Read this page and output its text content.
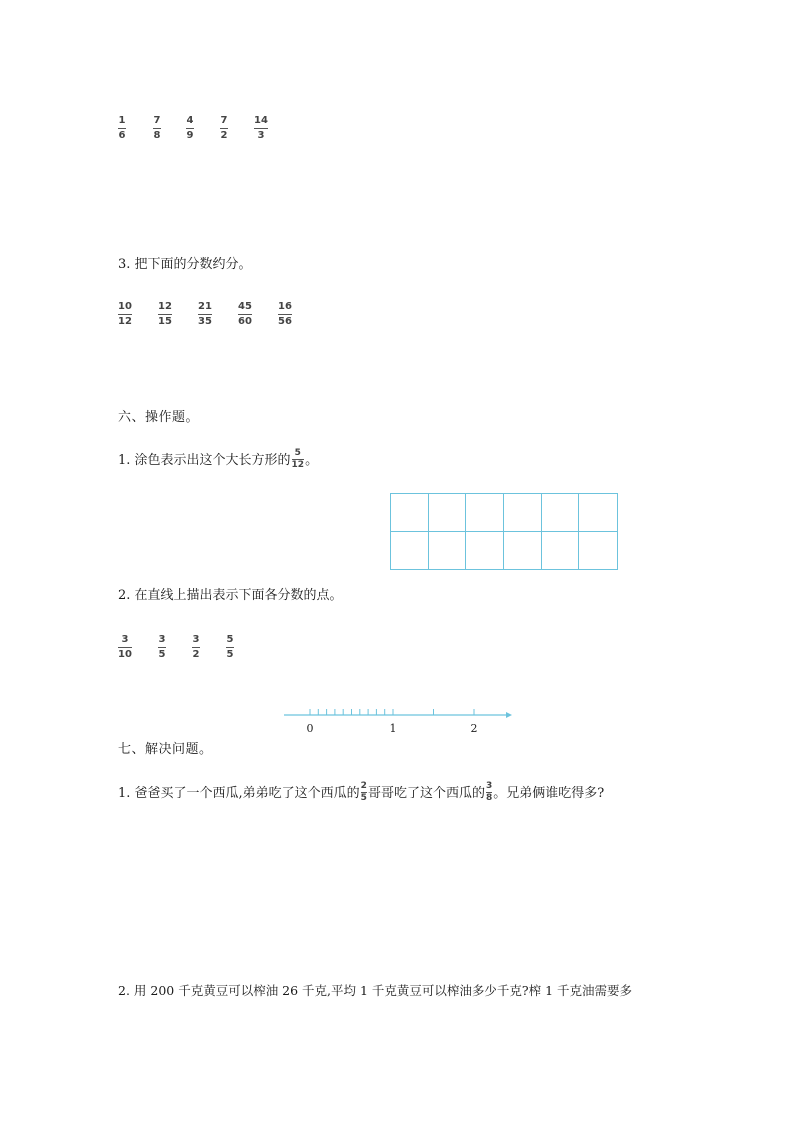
1
6
7
8
4
9
7
2
14
3
3. 把下面的分数约分。
10
12
12
15
21
35
45
60
16
56
六、操作题。
1. 涂色表示出这个大长方形的 $\frac{5}{12}$ 。
2. 在直线上描出表示下面各分数的点。
3
10
3
5
3
2
5
5
0	1	2
七、解决问题。
1. 爸爸买了一个西瓜,弟弟吃了这个西瓜的 $\frac{2}{5}$ 哥哥吃了这个西瓜的 $\frac{3}{8}$ 。兄弟俩谁吃得多?
2. 用 200 千克黄豆可以榨油 26 千克,平均 1 千克黄豆可以榨油多少千克?榨 1 千克油需要多
